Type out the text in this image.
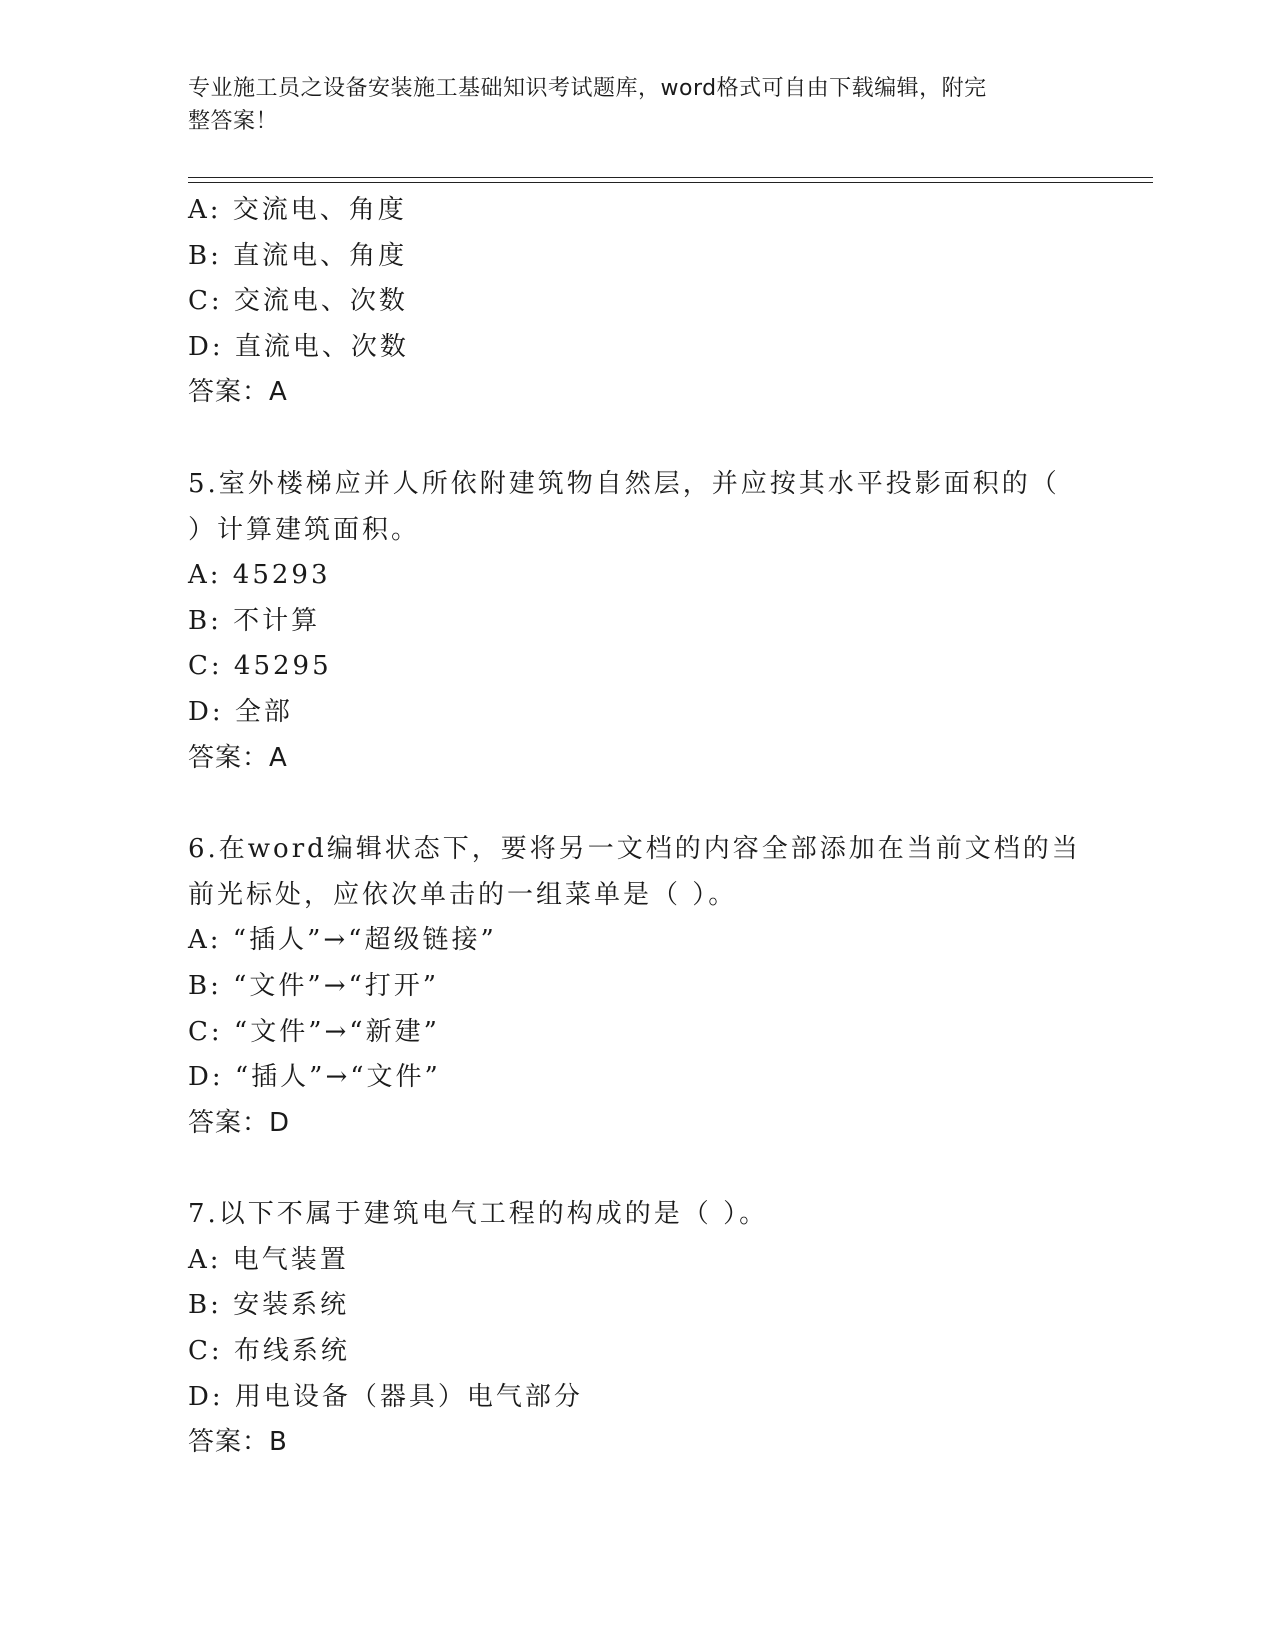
专业施工员之设备安装施工基础知识考试题库，word格式可自由下载编辑，附完
整答案！
A: 交流电、角度
B: 直流电、角度
C: 交流电、次数
D: 直流电、次数
答案：A
5.室外楼梯应并人所依附建筑物自然层，并应按其水平投影面积的（
）计算建筑面积。
A: 45293
B: 不计算
C: 45295
D: 全部
答案：A
6.在word编辑状态下，要将另一文档的内容全部添加在当前文档的当
前光标处，应依次单击的一组菜单是（ ）。
A: “插人”→“超级链接”
B: “文件”→“打开”
C: “文件”→“新建”
D: “插人”→“文件”
答案：D
7.以下不属于建筑电气工程的构成的是（ ）。
A: 电气装置
B: 安装系统
C: 布线系统
D: 用电设备（器具）电气部分
答案：B
